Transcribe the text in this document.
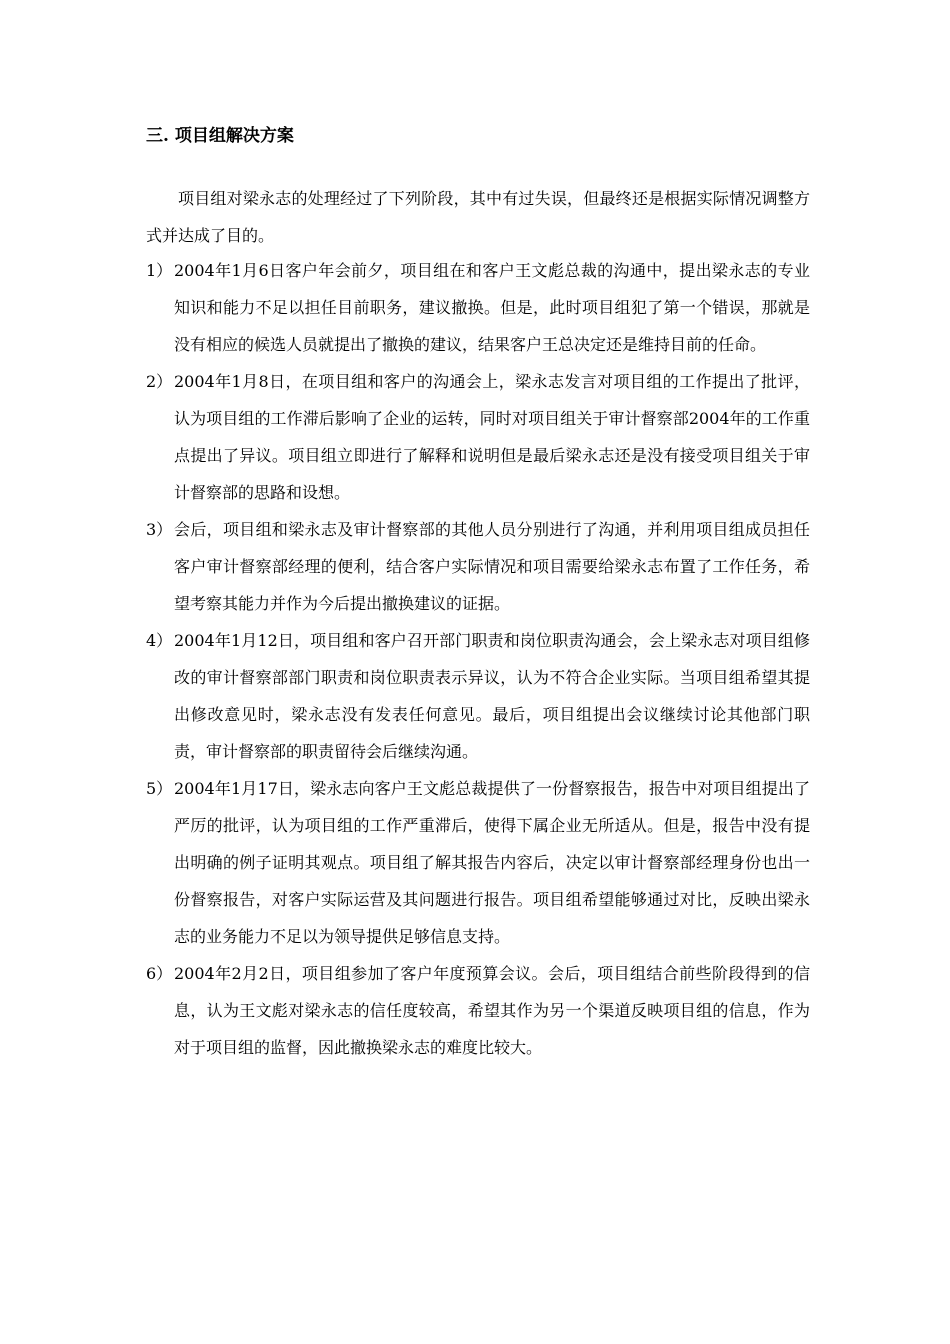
三. 项目组解决方案

项目组对梁永志的处理经过了下列阶段，其中有过失误，但最终还是根据实际情况调整方式并达成了目的。

1） 2004年1月6日客户年会前夕，项目组在和客户王文彪总裁的沟通中，提出梁永志的专业知识和能力不足以担任目前职务，建议撤换。但是，此时项目组犯了第一个错误，那就是没有相应的候选人员就提出了撤换的建议，结果客户王总决定还是维持目前的任命。
2） 2004年1月8日，在项目组和客户的沟通会上，梁永志发言对项目组的工作提出了批评，认为项目组的工作滞后影响了企业的运转，同时对项目组关于审计督察部2004年的工作重点提出了异议。项目组立即进行了解释和说明但是最后梁永志还是没有接受项目组关于审计督察部的思路和设想。
3） 会后，项目组和梁永志及审计督察部的其他人员分别进行了沟通，并利用项目组成员担任客户审计督察部经理的便利，结合客户实际情况和项目需要给梁永志布置了工作任务，希望考察其能力并作为今后提出撤换建议的证据。
4） 2004年1月12日，项目组和客户召开部门职责和岗位职责沟通会，会上梁永志对项目组修改的审计督察部部门职责和岗位职责表示异议，认为不符合企业实际。当项目组希望其提出修改意见时，梁永志没有发表任何意见。最后，项目组提出会议继续讨论其他部门职责，审计督察部的职责留待会后继续沟通。
5） 2004年1月17日，梁永志向客户王文彪总裁提供了一份督察报告，报告中对项目组提出了严厉的批评，认为项目组的工作严重滞后，使得下属企业无所适从。但是，报告中没有提出明确的例子证明其观点。项目组了解其报告内容后，决定以审计督察部经理身份也出一份督察报告，对客户实际运营及其问题进行报告。项目组希望能够通过对比，反映出梁永志的业务能力不足以为领导提供足够信息支持。
6） 2004年2月2日，项目组参加了客户年度预算会议。会后，项目组结合前些阶段得到的信息，认为王文彪对梁永志的信任度较高，希望其作为另一个渠道反映项目组的信息，作为对于项目组的监督，因此撤换梁永志的难度比较大。
